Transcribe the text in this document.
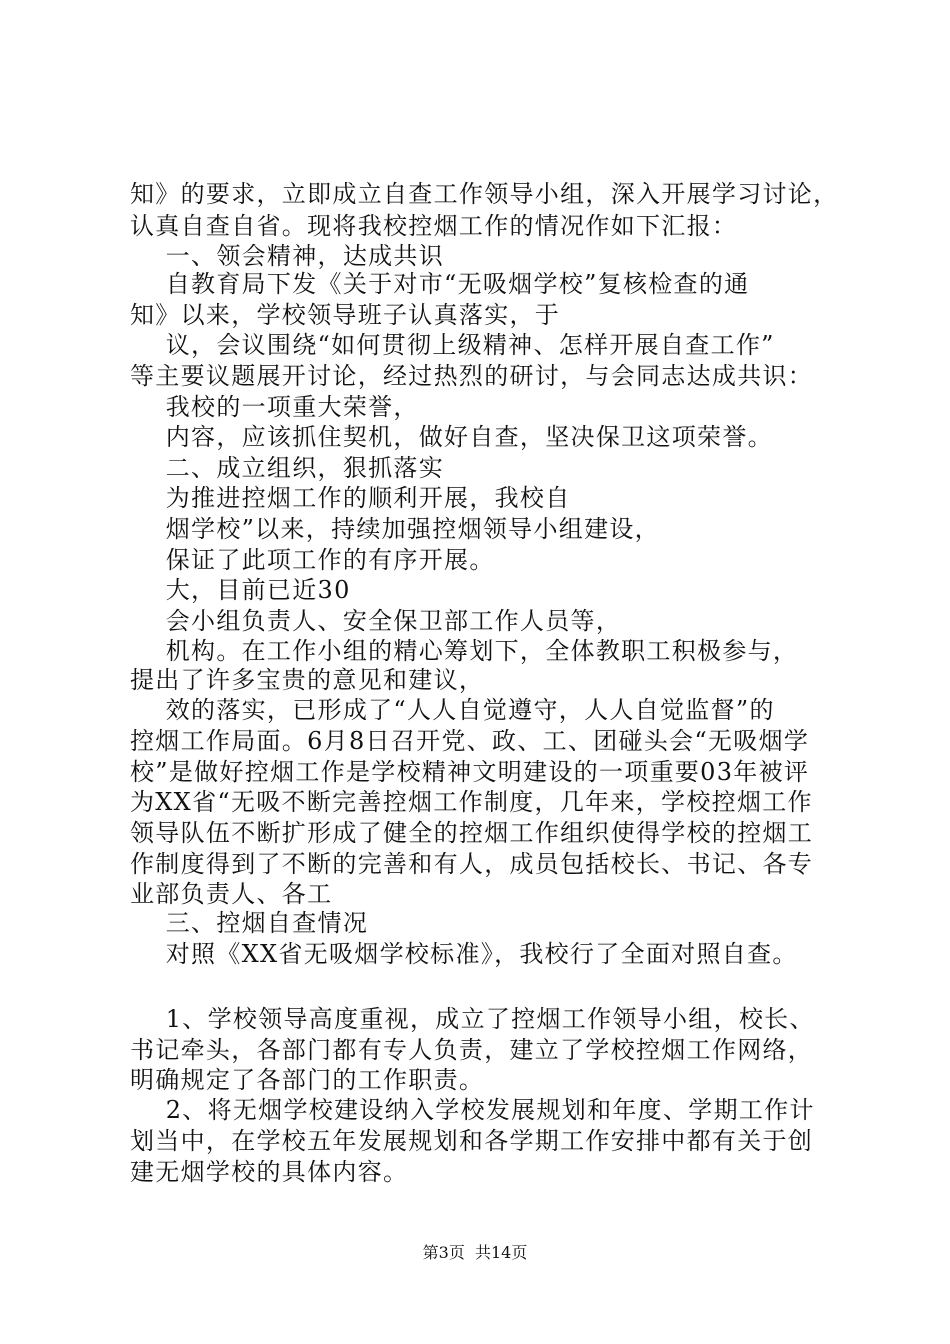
知》的要求，立即成立自查工作领导小组，深入开展学习讨论，
认真自查自省。现将我校控烟工作的情况作如下汇报：
一、领会精神，达成共识
自教育局下发《关于对市“无吸烟学校”复核检查的通
知》以来，学校领导班子认真落实，于
议，会议围绕“如何贯彻上级精神、怎样开展自查工作”
等主要议题展开讨论，经过热烈的研讨，与会同志达成共识：
我校的一项重大荣誉，
内容，应该抓住契机，做好自查，坚决保卫这项荣誉。
二、成立组织，狠抓落实
为推进控烟工作的顺利开展，我校自
烟学校”以来，持续加强控烟领导小组建设，
保证了此项工作的有序开展。
大，目前已近30
会小组负责人、安全保卫部工作人员等，
机构。在工作小组的精心筹划下，全体教职工积极参与，
提出了许多宝贵的意见和建议，
效的落实，已形成了“人人自觉遵守，人人自觉监督”的
控烟工作局面。6月8日召开党、政、工、团碰头会“无吸烟学
校”是做好控烟工作是学校精神文明建设的一项重要03年被评
为XX省“无吸不断完善控烟工作制度，几年来，学校控烟工作
领导队伍不断扩形成了健全的控烟工作组织使得学校的控烟工
作制度得到了不断的完善和有人，成员包括校长、书记、各专
业部负责人、各工
三、控烟自查情况
对照《XX省无吸烟学校标准》，我校行了全面对照自查。
1、学校领导高度重视，成立了控烟工作领导小组，校长、
书记牵头，各部门都有专人负责，建立了学校控烟工作网络，
明确规定了各部门的工作职责。
2、将无烟学校建设纳入学校发展规划和年度、学期工作计
划当中，在学校五年发展规划和各学期工作安排中都有关于创
建无烟学校的具体内容。
第3页  共14页
